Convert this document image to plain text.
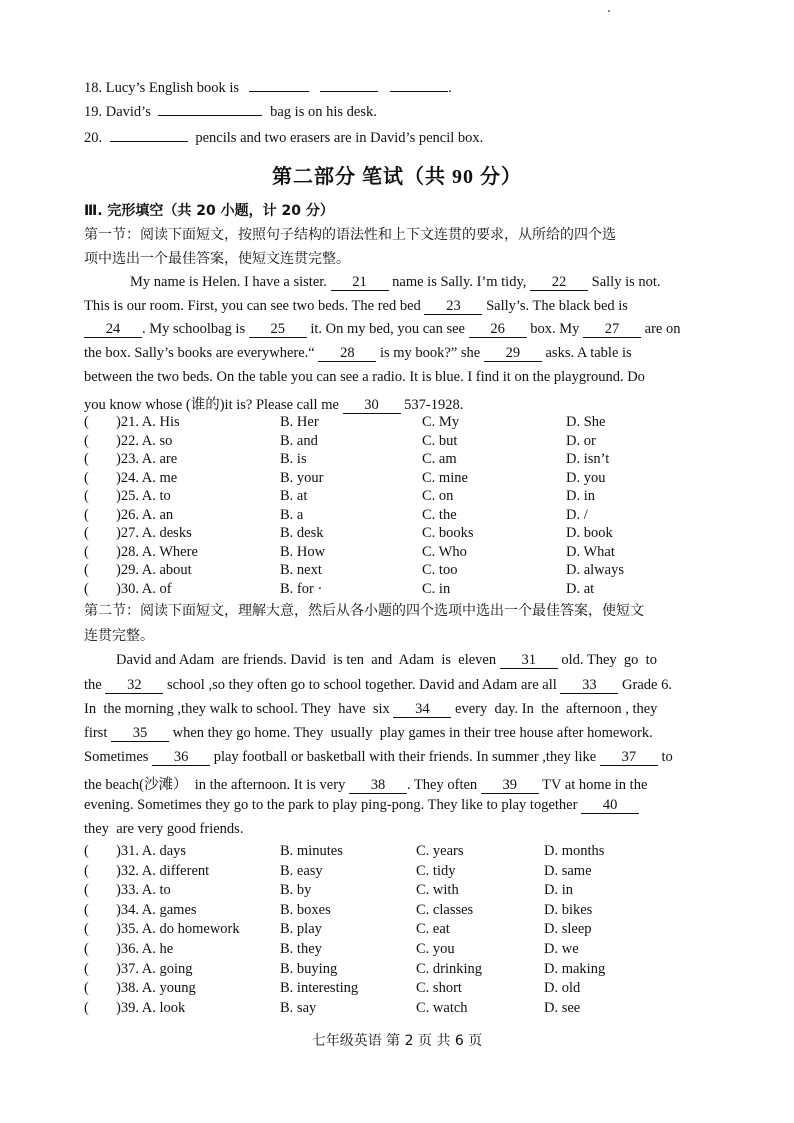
18. Lucy’s English book is	.
19. David’s	bag is on his desk.
20.	pencils and two erasers are in David’s pencil box.
第二部分 笔试（共 90 分）
Ⅲ. 完形填空（共 20 小题，计 20 分）
第一节：阅读下面短文，按照句子结构的语法性和上下文连贯的要求，从所给的四个选
项中选出一个最佳答案，使短文连贯完整。
My name is Helen. I have a sister. 21 name is Sally. I’m tidy, 22 Sally is not.
This is our room. First, you can see two beds. The red bed 23 Sally’s. The black bed is
24 . My schoolbag is 25 it. On my bed, you can see 26 box. My 27 are on
the box. Sally’s books are everywhere.“ 28 is my book?” she 29 asks. A table is
between the two beds. On the table you can see a radio. It is blue. I find it on the playground. Do
you know whose (谁的)it is? Please call me 30 537-1928.
( )21. A. His	B. Her	C. My	D. She
( )22. A. so	B. and	C. but	D. or
( )23. A. are	B. is	C. am	D. isn’t
( )24. A. me	B. your	C. mine	D. you
( )25. A. to	B. at	C. on	D. in
( )26. A. an	B. a	C. the	D. /
( )27. A. desks	B. desk	C. books	D. book
( )28. A. Where	B. How	C. Who	D. What
( )29. A. about	B. next	C. too	D. always
( )30. A. of	B. for ·	C. in	D. at
第二节：阅读下面短文，理解大意，然后从各小题的四个选项中选出一个最佳答案，使短文
连贯完整。
David and Adam  are friends. David  is ten  and  Adam  is  eleven 31 old. They  go  to
the 32 school ,so they often go to school together. David and Adam are all 33 Grade 6.
In  the morning ,they walk to school. They  have  six 34 every  day. In  the  afternoon , they
first 35 when they go home. They  usually  play games in their tree house after homework.
Sometimes 36 play football or basketball with their friends. In summer ,they like 37 to
the beach(沙滩）  in the afternoon. It is very 38 . They often 39 TV at home in the
evening. Sometimes they go to the park to play ping-pong. They like to play together 40
they  are very good friends.
( )31. A. days	B. minutes	C. years	D. months
( )32. A. different	B. easy	C. tidy	D. same
( )33. A. to	B. by	C. with	D. in
( )34. A. games	B. boxes	C. classes	D. bikes
( )35. A. do homework	B. play	C. eat	D. sleep
( )36. A. he	B. they	C. you	D. we
( )37. A. going	B. buying	C. drinking	D. making
( )38. A. young	B. interesting	C. short	D. old
( )39. A. look	B. say	C. watch	D. see
七年级英语 第 2 页 共 6 页
